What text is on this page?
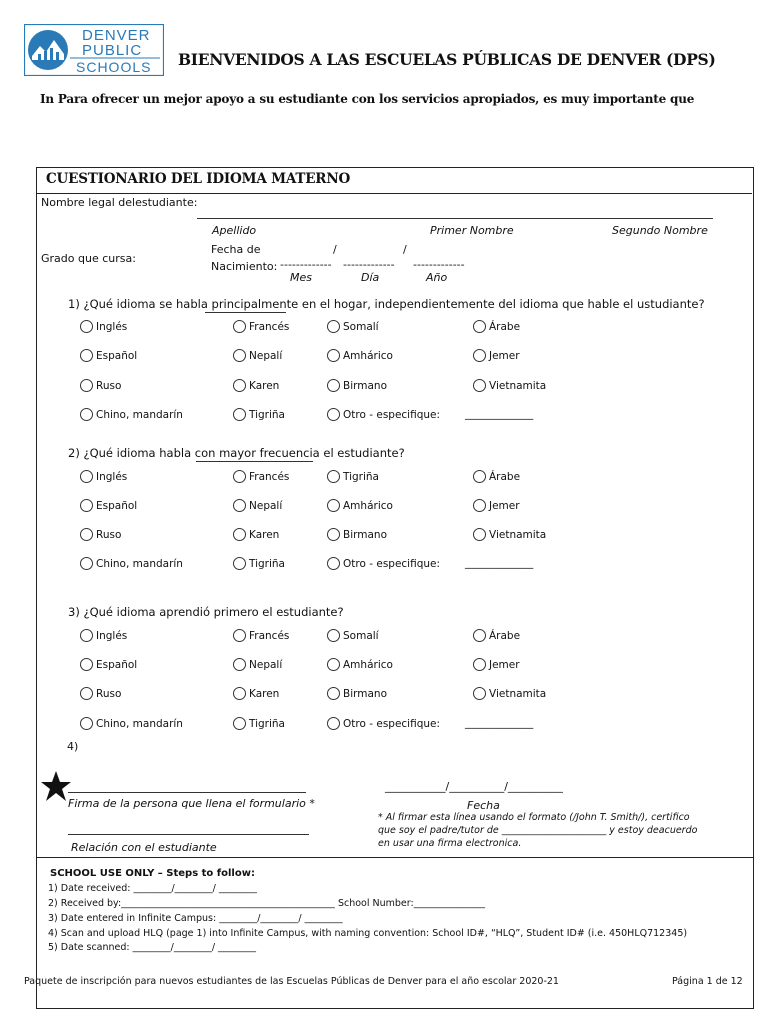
DENVER
PUBLIC
SCHOOLS BIENVENIDOS A LAS ESCUELAS PÚBLICAS DE DENVER (DPS)
In Para ofrecer un mejor apoyo a su estudiante con los servicios apropiados, es muy importante que
CUESTIONARIO DEL IDIOMA MATERNO
Nombre legal delestudiante:
Apellido	Primer Nombre	Segundo Nombre
Grado que cursa:
Fecha de
Nacimiento:
/	/
------------- ------------- -------------
Mes	Día	Año
1) ¿Qué idioma se habla principalmente en el hogar, independientemente del idioma que hable el ustudiante?
Inglés	Francés	Somalí	Árabe
Español	Nepalí	Amhárico	Jemer
Ruso	Karen	Birmano	Vietnamita
Chino, mandarín	Tigriña	Otro - especifique: _____________
2) ¿Qué idioma habla con mayor frecuencia el estudiante?
Inglés	Francés	Tigriña	Árabe
Español	Nepalí	Amhárico	Jemer
Ruso	Karen	Birmano	Vietnamita
Chino, mandarín	Tigriña	Otro - especifique: _____________
3) ¿Qué idioma aprendió primero el estudiante?
Inglés	Francés	Somalí	Árabe
Español	Nepalí	Amhárico	Jemer
Ruso	Karen	Birmano	Vietnamita
Chino, mandarín	Tigriña	Otro - especifique: _____________
4)
Firma de la persona que llena el formulario *
___________/__________/__________
Fecha
* Al firmar esta línea usando el formato (/John T. Smith/), certifico
que soy el padre/tutor de ______________________ y estoy deacuerdo
en usar una firma electronica.
Relación con el estudiante
SCHOOL USE ONLY – Steps to follow:
1) Date received: ________/________/ ________
2) Received by:_____________________________________________ School Number:_______________
3) Date entered in Infinite Campus: ________/________/ ________
4) Scan and upload HLQ (page 1) into Infinite Campus, with naming convention: School ID#, “HLQ”, Student ID# (i.e. 450HLQ712345)
5) Date scanned: ________/________/ ________
Paquete de inscripción para nuevos estudiantes de las Escuelas Públicas de Denver para el año escolar 2020-21	Página 1 de 12
